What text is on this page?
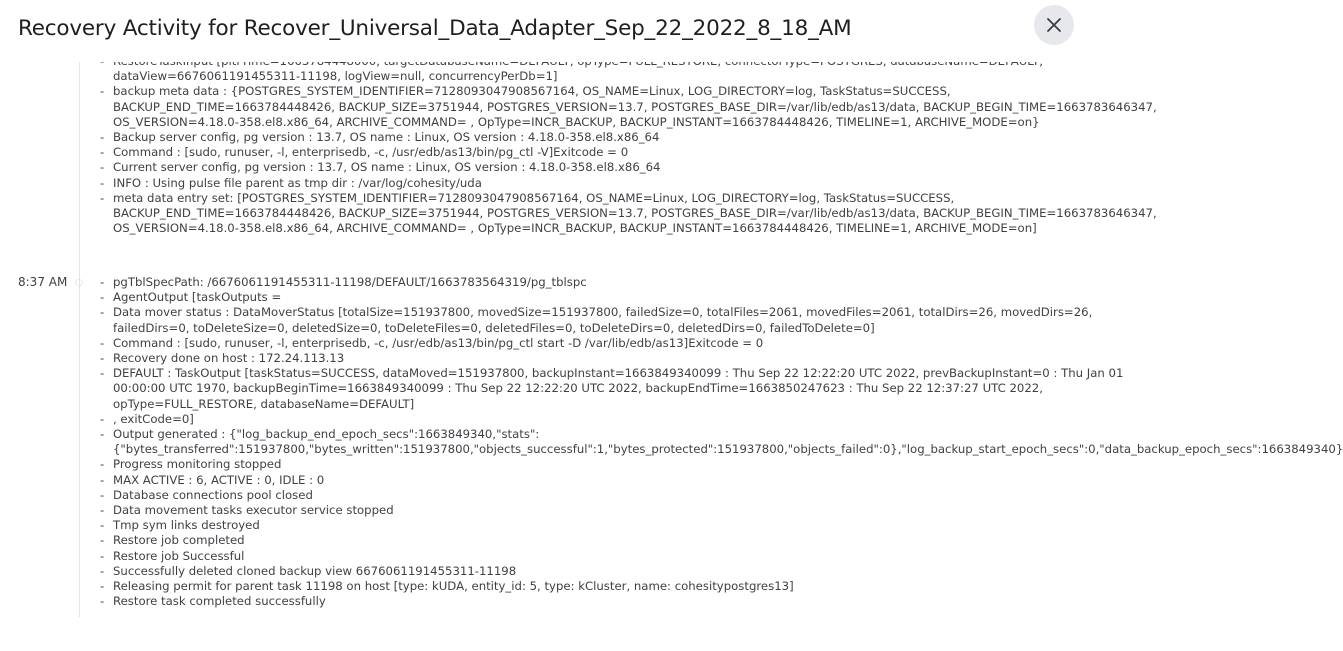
Recovery Activity for Recover_Universal_Data_Adapter_Sep_22_2022_8_18_AM
-
dataView=6676061191455311-11198, logView=null, concurrencyPerDb=1]
- backup meta data : {POSTGRES_SYSTEM_IDENTIFIER=7128093047908567164, OS_NAME=Linux, LOG_DIRECTORY=log, TaskStatus=SUCCESS,
BACKUP_END_TIME=1663784448426, BACKUP_SIZE=3751944, POSTGRES_VERSION=13.7, POSTGRES_BASE_DIR=/var/lib/edb/as13/data, BACKUP_BEGIN_TIME=1663783646347,
OS_VERSION=4.18.0-358.el8.x86_64, ARCHIVE_COMMAND= , OpType=INCR_BACKUP, BACKUP_INSTANT=1663784448426, TIMELINE=1, ARCHIVE_MODE=on}
- Backup server config, pg version : 13.7, OS name : Linux, OS version : 4.18.0-358.el8.x86_64
- Command : [sudo, runuser, -l, enterprisedb, -c, /usr/edb/as13/bin/pg_ctl -V]Exitcode = 0
- Current server config, pg version : 13.7, OS name : Linux, OS version : 4.18.0-358.el8.x86_64
- INFO : Using pulse file parent as tmp dir : /var/log/cohesity/uda
- meta data entry set: [POSTGRES_SYSTEM_IDENTIFIER=7128093047908567164, OS_NAME=Linux, LOG_DIRECTORY=log, TaskStatus=SUCCESS,
BACKUP_END_TIME=1663784448426, BACKUP_SIZE=3751944, POSTGRES_VERSION=13.7, POSTGRES_BASE_DIR=/var/lib/edb/as13/data, BACKUP_BEGIN_TIME=1663783646347,
OS_VERSION=4.18.0-358.el8.x86_64, ARCHIVE_COMMAND= , OpType=INCR_BACKUP, BACKUP_INSTANT=1663784448426, TIMELINE=1, ARCHIVE_MODE=on]
8:37 AM ○
-	pgTblSpecPath: /6676061191455311-11198/DEFAULT/1663783564319/pg_tblspc
- AgentOutput [taskOutputs =
- Data mover status : DataMoverStatus [totalSize=151937800, movedSize=151937800, failedSize=0, totalFiles=2061, movedFiles=2061, totalDirs=26, movedDirs=26,
failedDirs=0, toDeleteSize=0, deletedSize=0, toDeleteFiles=0, deletedFiles=0, toDeleteDirs=0, deletedDirs=0, failedToDelete=0]
- Command : [sudo, runuser, -l, enterprisedb, -c, /usr/edb/as13/bin/pg_ctl start -D /var/lib/edb/as13]Exitcode = 0
- Recovery done on host : 172.24.113.13
- DEFAULT : TaskOutput [taskStatus=SUCCESS, dataMoved=151937800, backupInstant=1663849340099 : Thu Sep 22 12:22:20 UTC 2022, prevBackupInstant=0 : Thu Jan 01
00:00:00 UTC 1970, backupBeginTime=1663849340099 : Thu Sep 22 12:22:20 UTC 2022, backupEndTime=1663850247623 : Thu Sep 22 12:37:27 UTC 2022,
opType=FULL_RESTORE, databaseName=DEFAULT]
- , exitCode=0]
- Output generated : {"log_backup_end_epoch_secs":1663849340,"stats":
{"bytes_transferred":151937800,"bytes_written":151937800,"objects_successful":1,"bytes_protected":151937800,"objects_failed":0},"log_backup_start_epoch_secs":0,"data_backup_epoch_secs":1663849340}
- Progress monitoring stopped
- MAX ACTIVE : 6, ACTIVE : 0, IDLE : 0
- Database connections pool closed
- Data movement tasks executor service stopped
- Tmp sym links destroyed
- Restore job completed
- Restore job Successful
- Successfully deleted cloned backup view 6676061191455311-11198
- Releasing permit for parent task 11198 on host [type: kUDA, entity_id: 5, type: kCluster, name: cohesitypostgres13]
- Restore task completed successfully
